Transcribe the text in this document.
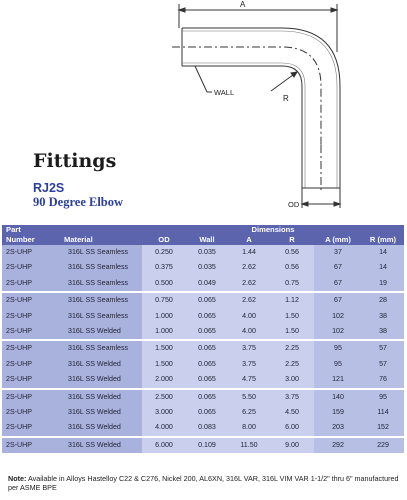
A
WALL
R
OD
Fittings
RJ2S
90 Degree Elbow
Part		Dimensions					
Number	Material	OD	Wall	A	R	A (mm)	R (mm)
2S-UHP	316L SS Seamless	0.250	0.035	1.44	0.56	37	14
2S-UHP	316L SS Seamless	0.375	0.035	2.62	0.56	67	14
2S-UHP	316L SS Seamless	0.500	0.049	2.62	0.75	67	19
2S-UHP	316L SS Seamless	0.750	0.065	2.62	1.12	67	28
2S-UHP	316L SS Seamless	1.000	0.065	4.00	1.50	102	38
2S-UHP	316L SS Welded	1.000	0.065	4.00	1.50	102	38
2S-UHP	316L SS Seamless	1.500	0.065	3.75	2.25	95	57
2S-UHP	316L SS Welded	1.500	0.065	3.75	2.25	95	57
2S-UHP	316L SS Welded	2.000	0.065	4.75	3.00	121	76
2S-UHP	316L SS Welded	2.500	0.065	5.50	3.75	140	95
2S-UHP	316L SS Welded	3.000	0.065	6.25	4.50	159	114
2S-UHP	316L SS Welded	4.000	0.083	8.00	6.00	203	152
2S-UHP	316L SS Welded	6.000	0.109	11.50	9.00	292	229
Note: Available in Alloys Hastelloy C22 & C276, Nickel 200, AL6XN, 316L VAR, 316L VIM VAR 1-1/2" thru 6" manufactured per ASME BPE
